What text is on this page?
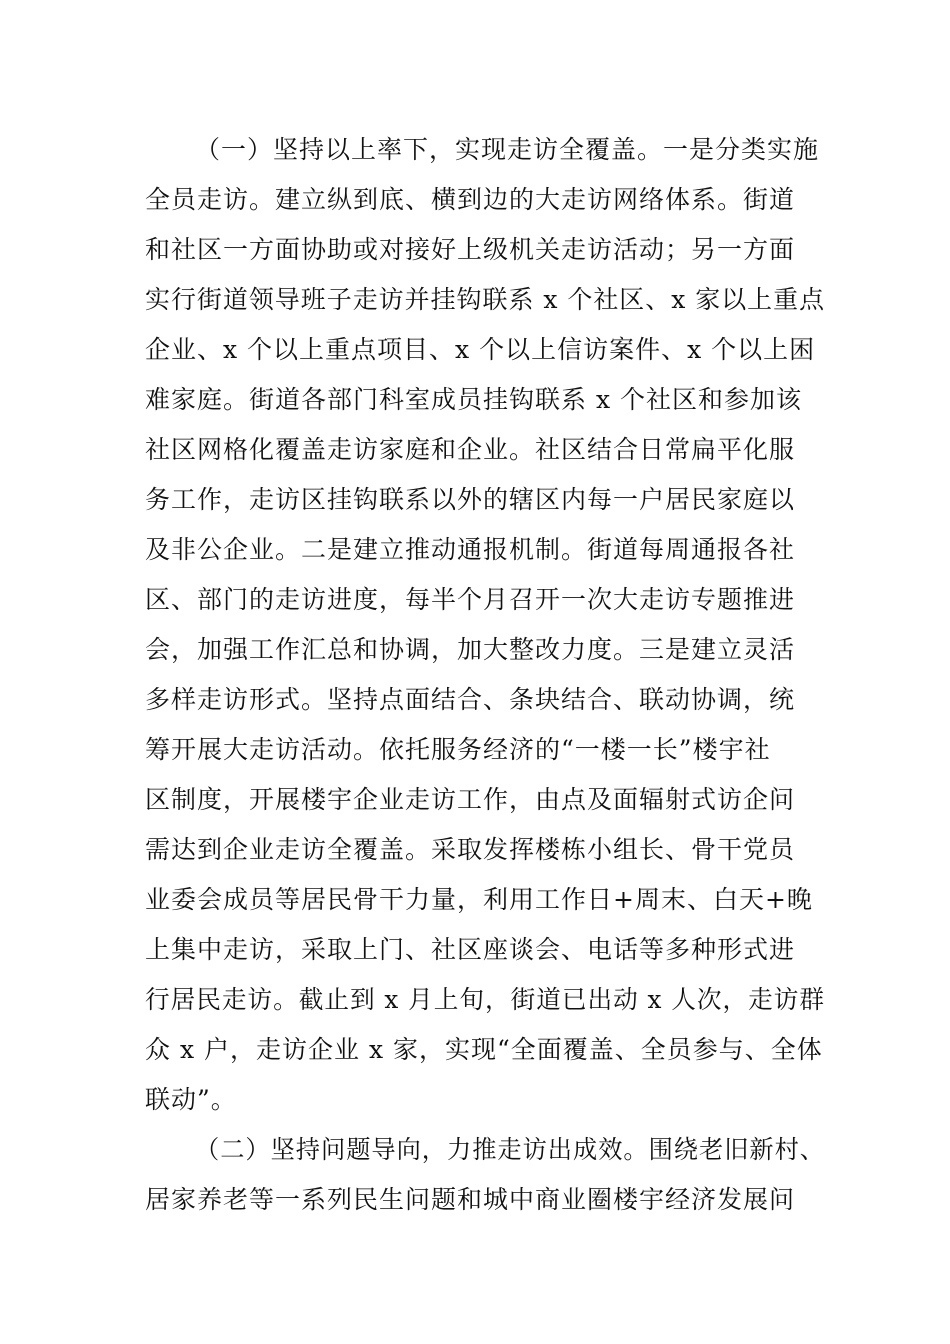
（一）坚持以上率下，实现走访全覆盖。一是分类实施
全员走访。建立纵到底、横到边的大走访网络体系。街道
和社区一方面协助或对接好上级机关走访活动；另一方面
实行街道领导班子走访并挂钩联系 x 个社区、x 家以上重点
企业、x 个以上重点项目、x 个以上信访案件、x 个以上困
难家庭。街道各部门科室成员挂钩联系 x 个社区和参加该
社区网格化覆盖走访家庭和企业。社区结合日常扁平化服
务工作，走访区挂钩联系以外的辖区内每一户居民家庭以
及非公企业。二是建立推动通报机制。街道每周通报各社
区、部门的走访进度，每半个月召开一次大走访专题推进
会，加强工作汇总和协调，加大整改力度。三是建立灵活
多样走访形式。坚持点面结合、条块结合、联动协调，统
筹开展大走访活动。依托服务经济的“一楼一长”楼宇社
区制度，开展楼宇企业走访工作，由点及面辐射式访企问
需达到企业走访全覆盖。采取发挥楼栋小组长、骨干党员
业委会成员等居民骨干力量，利用工作日+周末、白天+晚
上集中走访，采取上门、社区座谈会、电话等多种形式进
行居民走访。截止到 x 月上旬，街道已出动 x 人次，走访群
众 x 户，走访企业 x 家，实现“全面覆盖、全员参与、全体
联动”。
（二）坚持问题导向，力推走访出成效。围绕老旧新村、
居家养老等一系列民生问题和城中商业圈楼宇经济发展问
